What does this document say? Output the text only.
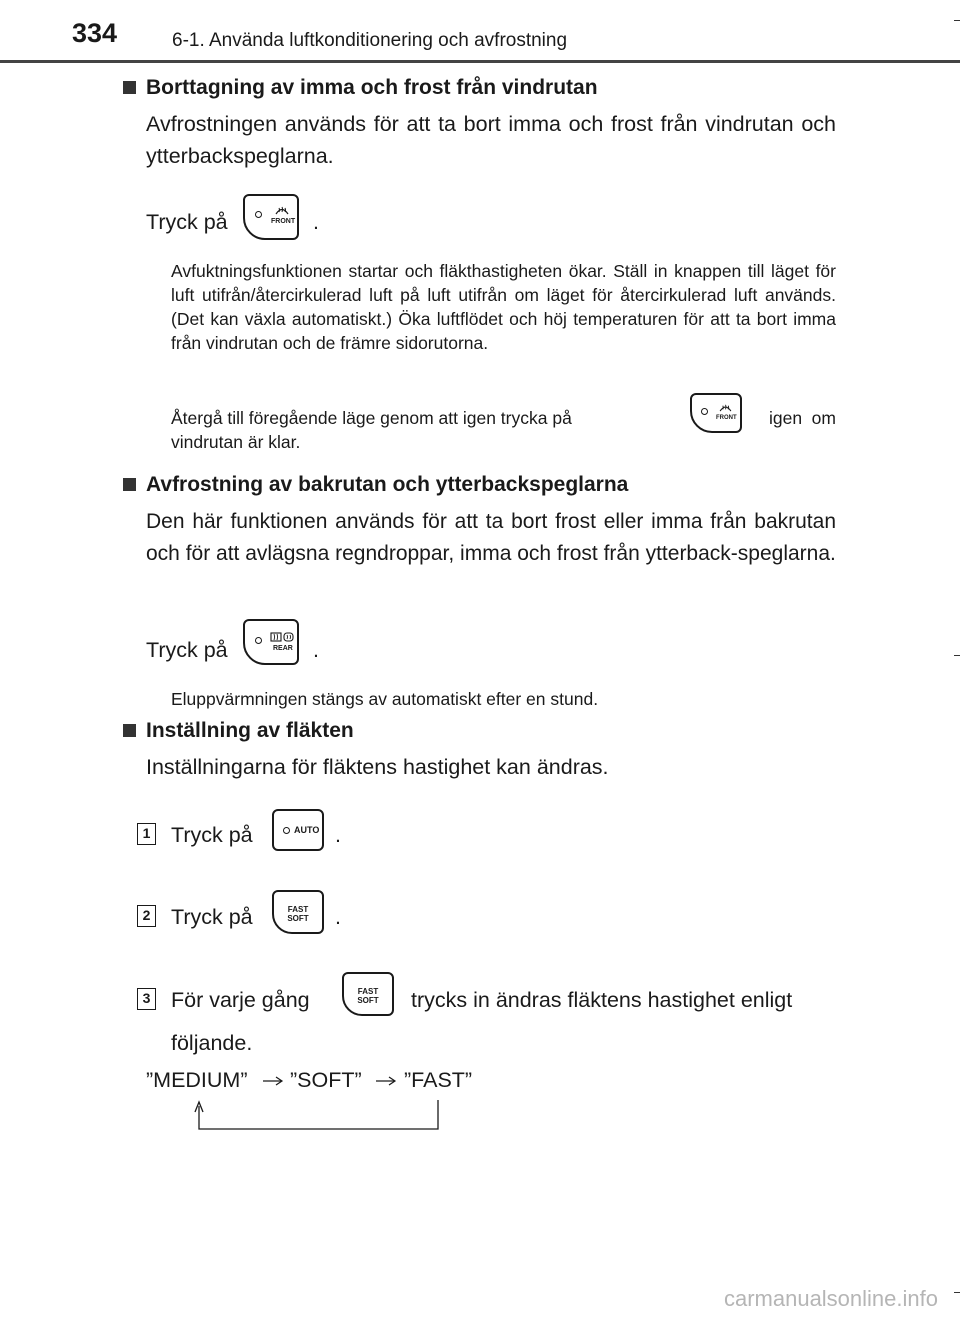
334	6-1. Använda luftkonditionering och avfrostning
Borttagning av imma och frost från vindrutan
Avfrostningen används för att ta bort imma och frost från vindrutan och ytterbackspeglarna.
Tryck på	FRONT .
Avfuktningsfunktionen startar och fläkthastigheten ökar. Ställ in knappen till läget för luft utifrån/återcirkulerad luft på luft utifrån om läget för återcirkulerad luft används. (Det kan växla automatiskt.) Öka luftflödet och höj temperaturen för att ta bort imma från vindrutan och de främre sidorutorna.
Återgå till föregående läge genom att igen trycka på	FRONT	igen om vindrutan är klar.
Avfrostning av bakrutan och ytterbackspeglarna
Den här funktionen används för att ta bort frost eller imma från bakrutan och för att avlägsna regndroppar, imma och frost från ytterback-speglarna.
Tryck på	REAR .
Eluppvärmningen stängs av automatiskt efter en stund.
Inställning av fläkten
Inställningarna för fläktens hastighet kan ändras.
1 Tryck på	AUTO .
2 Tryck på	FAST
SOFT	.
3 För varje gång	FAST
SOFT	trycks in ändras fläktens hastighet enligt
följande.
”MEDIUM” ”SOFT” ”FAST”
carmanualsonline.info
